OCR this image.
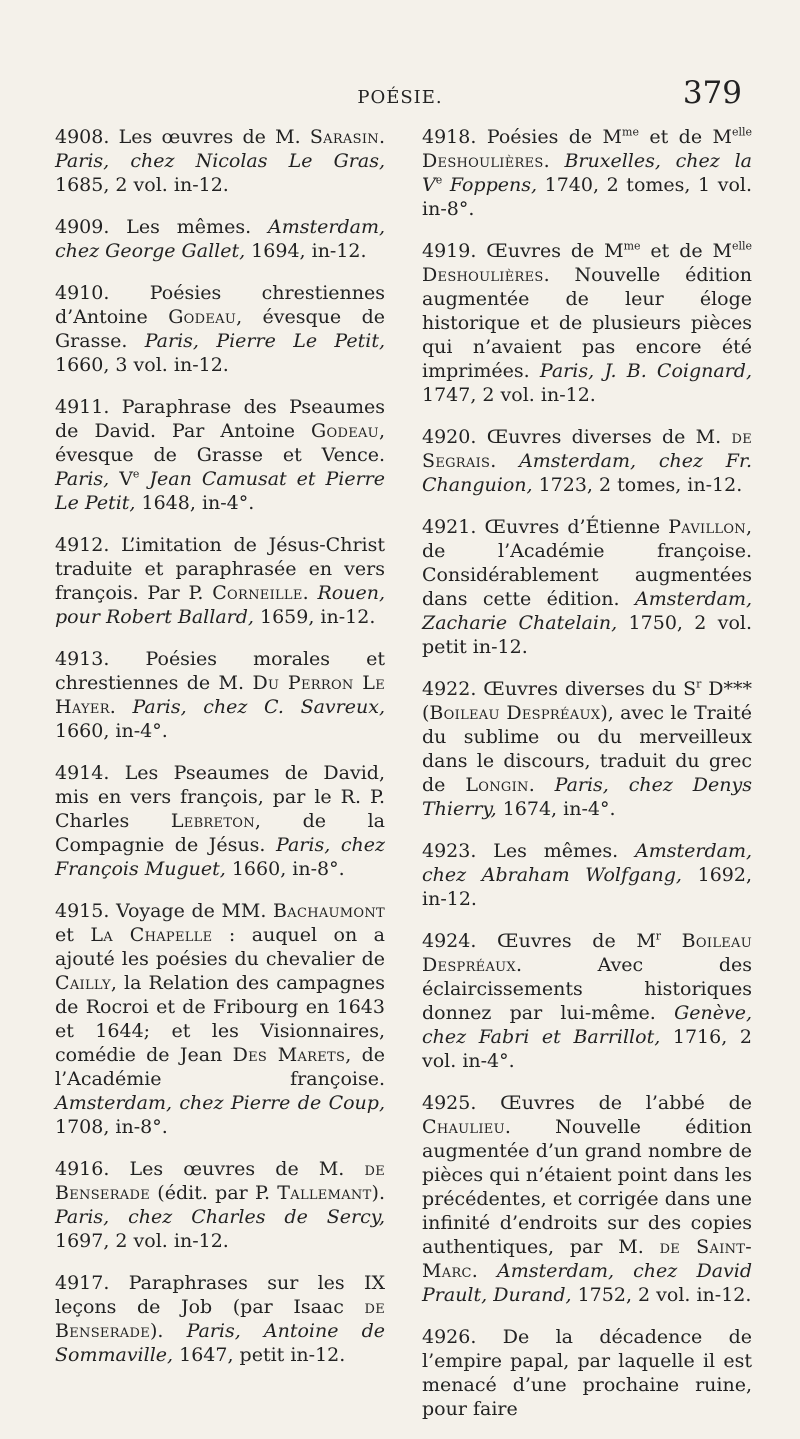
POÉSIE.	379
4908. Les œuvres de M. Sarasin. Paris, chez Nicolas Le Gras, 1685, 2 vol. in-12.
4909. Les mêmes. Amsterdam, chez George Gallet, 1694, in-12.
4910. Poésies chrestiennes d’Antoine Godeau, évesque de Grasse. Paris, Pierre Le Petit, 1660, 3 vol. in-12.
4911. Paraphrase des Pseaumes de David. Par Antoine Godeau, évesque de Grasse et Vence. Paris, Ve Jean Camusat et Pierre Le Petit, 1648, in-4°.
4912. L’imitation de Jésus-Christ traduite et paraphrasée en vers françois. Par P. Corneille. Rouen, pour Robert Ballard, 1659, in-12.
4913. Poésies morales et chrestiennes de M. Du Perron Le Hayer. Paris, chez C. Savreux, 1660, in-4°.
4914. Les Pseaumes de David, mis en vers françois, par le R. P. Charles Lebreton, de la Compagnie de Jésus. Paris, chez François Muguet, 1660, in-8°.
4915. Voyage de MM. Bachaumont et La Chapelle : auquel on a ajouté les poésies du chevalier de Cailly, la Relation des campagnes de Rocroi et de Fribourg en 1643 et 1644; et les Visionnaires, comédie de Jean Des Marets, de l’Académie françoise. Amsterdam, chez Pierre de Coup, 1708, in-8°.
4916. Les œuvres de M. de Benserade (édit. par P. Tallemant). Paris, chez Charles de Sercy, 1697, 2 vol. in-12.
4917. Paraphrases sur les IX leçons de Job (par Isaac de Benserade). Paris, Antoine de Sommaville, 1647, petit in-12.
4918. Poésies de $M^{me}$ et de $M^{elle}$ Deshoulières. Bruxelles, chez la Ve Foppens, 1740, 2 tomes, 1 vol. in-8°.
4919. Œuvres de $M^{me}$ et de $M^{elle}$ Deshoulières. Nouvelle édition augmentée de leur éloge historique et de plusieurs pièces qui n’avaient pas encore été imprimées. Paris, J. B. Coignard, 1747, 2 vol. in-12.
4920. Œuvres diverses de M. de Segrais. Amsterdam, chez Fr. Changuion, 1723, 2 tomes, in-12.
4921. Œuvres d’Étienne Pavillon, de l’Académie françoise. Considérablement augmentées dans cette édition. Amsterdam, Zacharie Chatelain, 1750, 2 vol. petit in-12.
4922. Œuvres diverses du $S^r$ D*** (Boileau Despréaux), avec le Traité du sublime ou du merveilleux dans le discours, traduit du grec de Longin. Paris, chez Denys Thierry, 1674, in-4°.
4923. Les mêmes. Amsterdam, chez Abraham Wolfgang, 1692, in-12.
4924. Œuvres de $M^r$ Boileau Despréaux. Avec des éclaircissements historiques donnez par lui-même. Genève, chez Fabri et Barrillot, 1716, 2 vol. in-4°.
4925. Œuvres de l’abbé de Chaulieu. Nouvelle édition augmentée d’un grand nombre de pièces qui n’étaient point dans les précédentes, et corrigée dans une infinité d’endroits sur des copies authentiques, par M. de Saint-Marc. Amsterdam, chez David Prault, Durand, 1752, 2 vol. in-12.
4926. De la décadence de l’empire papal, par laquelle il est menacé d’une prochaine ruine, pour faire
